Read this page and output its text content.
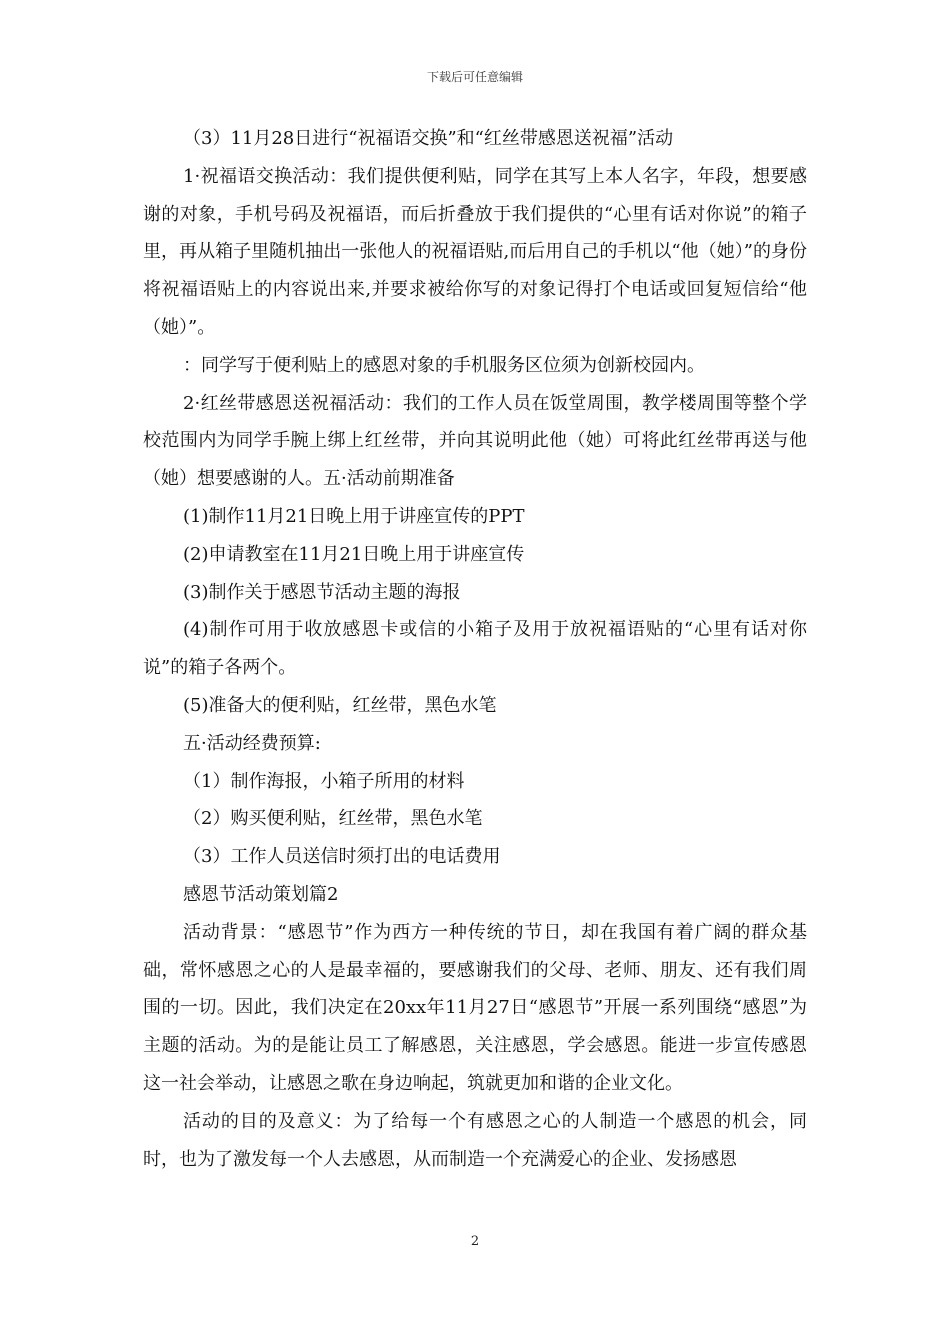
下载后可任意编辑

（3）11月28日进行“祝福语交换”和“红丝带感恩送祝福”活动

1·祝福语交换活动：我们提供便利贴，同学在其写上本人名字，年段，想要感谢的对象，手机号码及祝福语，而后折叠放于我们提供的“心里有话对你说”的箱子里，再从箱子里随机抽出一张他人的祝福语贴,而后用自己的手机以“他（她）”的身份将祝福语贴上的内容说出来,并要求被给你写的对象记得打个电话或回复短信给“他（她）”。

：同学写于便利贴上的感恩对象的手机服务区位须为创新校园内。

2·红丝带感恩送祝福活动：我们的工作人员在饭堂周围，教学楼周围等整个学校范围内为同学手腕上绑上红丝带，并向其说明此他（她）可将此红丝带再送与他（她）想要感谢的人。五·活动前期准备

(1)制作11月21日晚上用于讲座宣传的PPT

(2)申请教室在11月21日晚上用于讲座宣传

(3)制作关于感恩节活动主题的海报

(4)制作可用于收放感恩卡或信的小箱子及用于放祝福语贴的“心里有话对你说”的箱子各两个。

(5)准备大的便利贴，红丝带，黑色水笔

五·活动经费预算:

（1）制作海报，小箱子所用的材料

（2）购买便利贴，红丝带，黑色水笔

（3）工作人员送信时须打出的电话费用

感恩节活动策划篇2

活动背景：“感恩节”作为西方一种传统的节日，却在我国有着广阔的群众基础，常怀感恩之心的人是最幸福的，要感谢我们的父母、老师、朋友、还有我们周围的一切。因此，我们决定在20xx年11月27日“感恩节”开展一系列围绕“感恩”为主题的活动。为的是能让员工了解感恩，关注感恩，学会感恩。能进一步宣传感恩这一社会举动，让感恩之歌在身边响起，筑就更加和谐的企业文化。

活动的目的及意义：为了给每一个有感恩之心的人制造一个感恩的机会，同时，也为了激发每一个人去感恩，从而制造一个充满爱心的企业、发扬感恩

2
